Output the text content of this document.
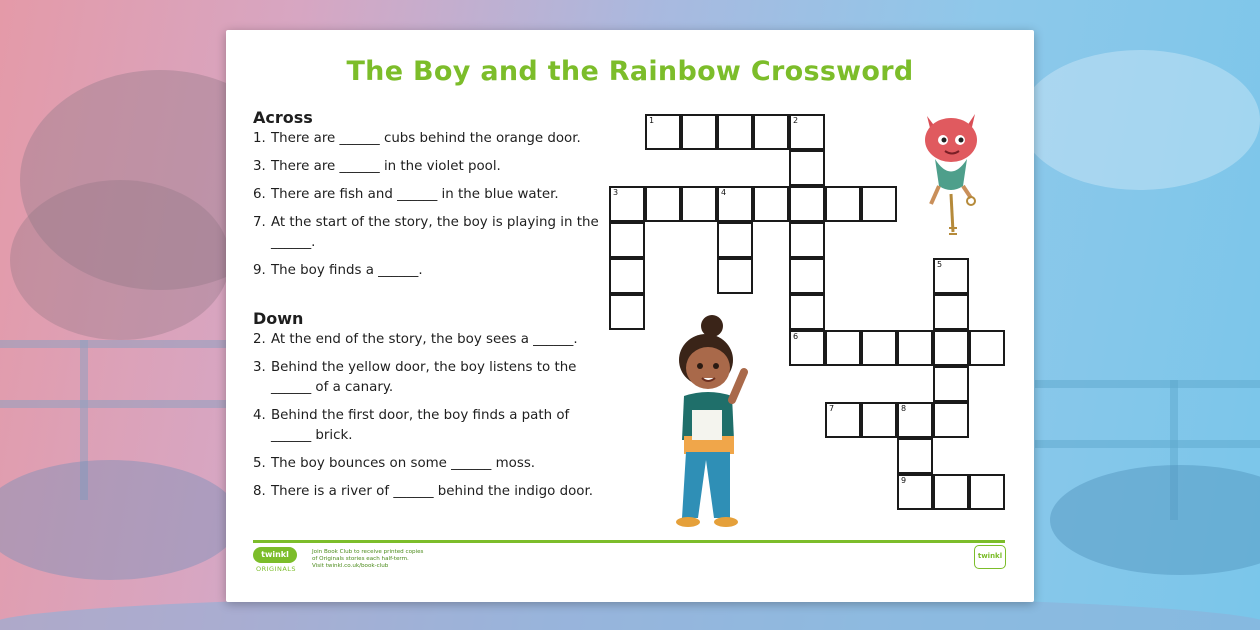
The Boy and the Rainbow Crossword
Across
1. There are ______ cubs behind the orange door.
3. There are ______ in the violet pool.
6. There are fish and ______ in the blue water.
7. At the start of the story, the boy is playing in the ______.
9. The boy finds a ______.
Down
2. At the end of the story, the boy sees a ______.
3. Behind the yellow door, the boy listens to the ______ of a canary.
4. Behind the first door, the boy finds a path of ______ brick.
5. The boy bounces on some ______ moss.
8. There is a river of ______ behind the indigo door.
1	2
3	4
5
6
7	8
9
twinkl
ORIGINALS
Join Book Club to receive printed copies
of Originals stories each half-term.
Visit twinkl.co.uk/book-club
twinkl
